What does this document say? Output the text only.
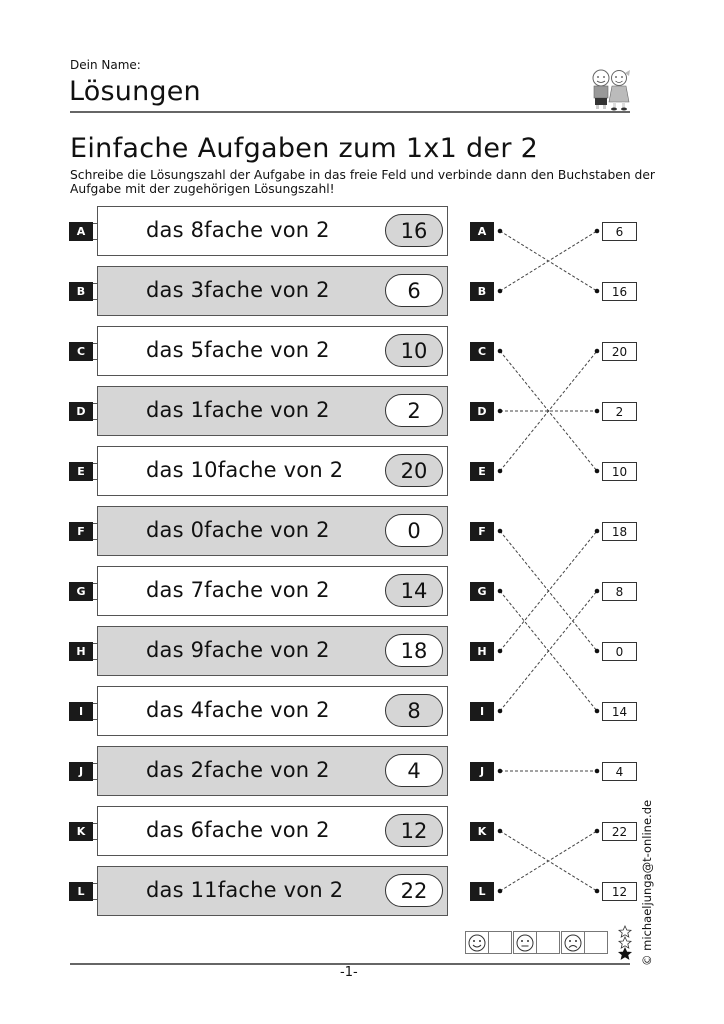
Dein Name:
Lösungen
Einfache Aufgaben zum 1x1 der 2
Schreibe die Lösungszahl der Aufgabe in das freie Feld und verbinde dann den Buchstaben der Aufgabe mit der zugehörigen Lösungszahl!
A	das 8fache von 2	16
B	das 3fache von 2	6
C	das 5fache von 2	10
D	das 1fache von 2	2
E	das 10fache von 2	20
F	das 0fache von 2	0
G	das 7fache von 2	14
H	das 9fache von 2	18
I	das 4fache von 2	8
J	das 2fache von 2	4
K	das 6fache von 2	12
L	das 11fache von 2	22
A
B
C
D
E
F
G
H
I
J
K
L
6
16
20
2
10
18
8
0
14
4
22
12
-1-
© michaeljunga@t-online.de
